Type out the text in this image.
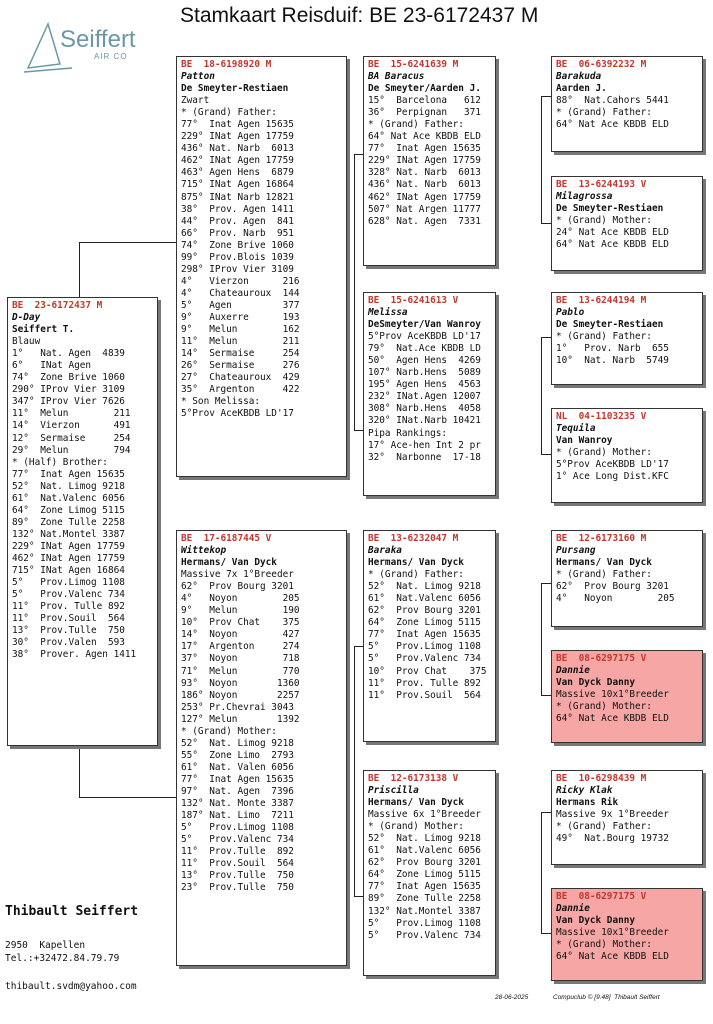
Stamkaart Reisduif: BE 23-6172437 M
Seiffert
AIR CO
BE  23-6172437 M
D-Day
Seiffert T.
Blauw
1°   Nat. Agen  4839
6°   INat Agen
74°  Zone Brive 1060
290° IProv Vier 3109
347° IProv Vier 7626
11°  Melun        211
14°  Vierzon      491
12°  Sermaise     254
29°  Melun        794
* (Half) Brother:
77°  Inat Agen 15635
52°  Nat. Limog 9218
61°  Nat.Valenc 6056
64°  Zone Limog 5115
89°  Zone Tulle 2258
132° Nat.Montel 3387
229° INat Agen 17759
462° INat Agen 17759
715° INat Agen 16864
5°   Prov.Limog 1108
5°   Prov.Valenc 734
11°  Prov. Tulle 892
11°  Prov.Souil  564
13°  Prov.Tulle  750
30°  Prov.Valen  593
38°  Prover. Agen 1411
BE  18-6198920 M
Patton
De Smeyter-Restiaen
Zwart
* (Grand) Father:
77°  Inat Agen 15635
229° INat Agen 17759
436° Nat. Narb  6013
462° INat Agen 17759
463° Agen Hens  6879
715° INat Agen 16864
875° INat Narb 12821
38°  Prov. Agen 1411
44°  Prov. Agen  841
66°  Prov. Narb  951
74°  Zone Brive 1060
99°  Prov.Blois 1039
298° IProv Vier 3109
4°   Vierzon      216
4°   Chateauroux  144
5°   Agen         377
9°   Auxerre      193
9°   Melun        162
11°  Melun        211
14°  Sermaise     254
26°  Sermaise     276
27°  Chateauroux  429
35°  Argenton     422
* Son Melissa:
5°Prov AceKBDB LD'17
BE  17-6187445 V
Wittekop
Hermans/ Van Dyck
Massive 7x 1°Breeder
62°  Prov Bourg 3201
4°   Noyon        205
9°   Melun        190
10°  Prov Chat    375
14°  Noyon        427
17°  Argenton     274
37°  Noyon        718
71°  Melun        770
93°  Noyon       1360
186° Noyon       2257
253° Pr.Chevrai 3043
127° Melun       1392
* (Grand) Mother:
52°  Nat. Limog 9218
55°  Zone Limo  2793
61°  Nat. Valen 6056
77°  Inat Agen 15635
97°  Nat. Agen  7396
132° Nat. Monte 3387
187° Nat. Limo  7211
5°   Prov.Limog 1108
5°   Prov.Valenc 734
11°  Prov.Tulle  892
11°  Prov.Souil  564
13°  Prov.Tulle  750
23°  Prov.Tulle  750
BE  15-6241639 M
BA Baracus
De Smeyter/Aarden J.
15°  Barcelona   612
36°  Perpignan   371
* (Grand) Father:
64° Nat Ace KBDB ELD
77°  Inat Agen 15635
229° INat Agen 17759
328° Nat. Narb  6013
436° Nat. Narb  6013
462° INat Agen 17759
507° Nat Argen 11777
628° Nat. Agen  7331
BE  15-6241613 V
Melissa
DeSmeyter/Van Wanroy
5°Prov AceKBDB LD'17
79°  Nat.Ace KBDB LD
50°  Agen Hens  4269
107° Narb.Hens  5089
195° Agen Hens  4563
232° INat.Agen 12007
308° Narb.Hens  4058
320° INat.Narb 10421
Pipa Rankings:
17° Ace-hen Int 2 pr
32°  Narbonne  17-18
BE  13-6232047 M
Baraka
Hermans/ Van Dyck
* (Grand) Father:
52°  Nat. Limog 9218
61°  Nat.Valenc 6056
62°  Prov Bourg 3201
64°  Zone Limog 5115
77°  Inat Agen 15635
5°   Prov.Limog 1108
5°   Prov.Valenc 734
10°  Prov Chat    375
11°  Prov. Tulle 892
11°  Prov.Souil  564
BE  12-6173138 V
Priscilla
Hermans/ Van Dyck
Massive 6x 1°Breeder
* (Grand) Mother:
52°  Nat. Limog 9218
61°  Nat.Valenc 6056
62°  Prov Bourg 3201
64°  Zone Limog 5115
77°  Inat Agen 15635
89°  Zone Tulle 2258
132° Nat.Montel 3387
5°   Prov.Limog 1108
5°   Prov.Valenc 734
BE  06-6392232 M
Barakuda
Aarden J.
88°  Nat.Cahors 5441
* (Grand) Father:
64° Nat Ace KBDB ELD
BE  13-6244193 V
Milagrossa
De Smeyter-Restiaen
* (Grand) Mother:
24° Nat Ace KBDB ELD
64° Nat Ace KBDB ELD
BE  13-6244194 M
Pablo
De Smeyter-Restiaen
* (Grand) Father:
1°   Prov. Narb  655
10°  Nat. Narb  5749
NL  04-1103235 V
Tequila
Van Wanroy
* (Grand) Mother:
5°Prov AceKBDB LD'17
1° Ace Long Dist.KFC
BE  12-6173160 M
Pursang
Hermans/ Van Dyck
* (Grand) Father:
62°  Prov Bourg 3201
4°   Noyon        205
BE  08-6297175 V
Dannie
Van Dyck Danny
Massive 10x1°Breeder
* (Grand) Mother:
64° Nat Ace KBDB ELD
BE  10-6298439 M
Ricky Klak
Hermans Rik
Massive 9x 1°Breeder
* (Grand) Father:
49°  Nat.Bourg 19732
BE  08-6297175 V
Dannie
Van Dyck Danny
Massive 10x1°Breeder
* (Grand) Mother:
64° Nat Ace KBDB ELD
Thibault Seiffert
2950  Kapellen
Tel.:+32472.84.79.79
thibault.svdm@yahoo.com
28-06-2025	Compuclub © [9.48]  Thibault Seiffert
